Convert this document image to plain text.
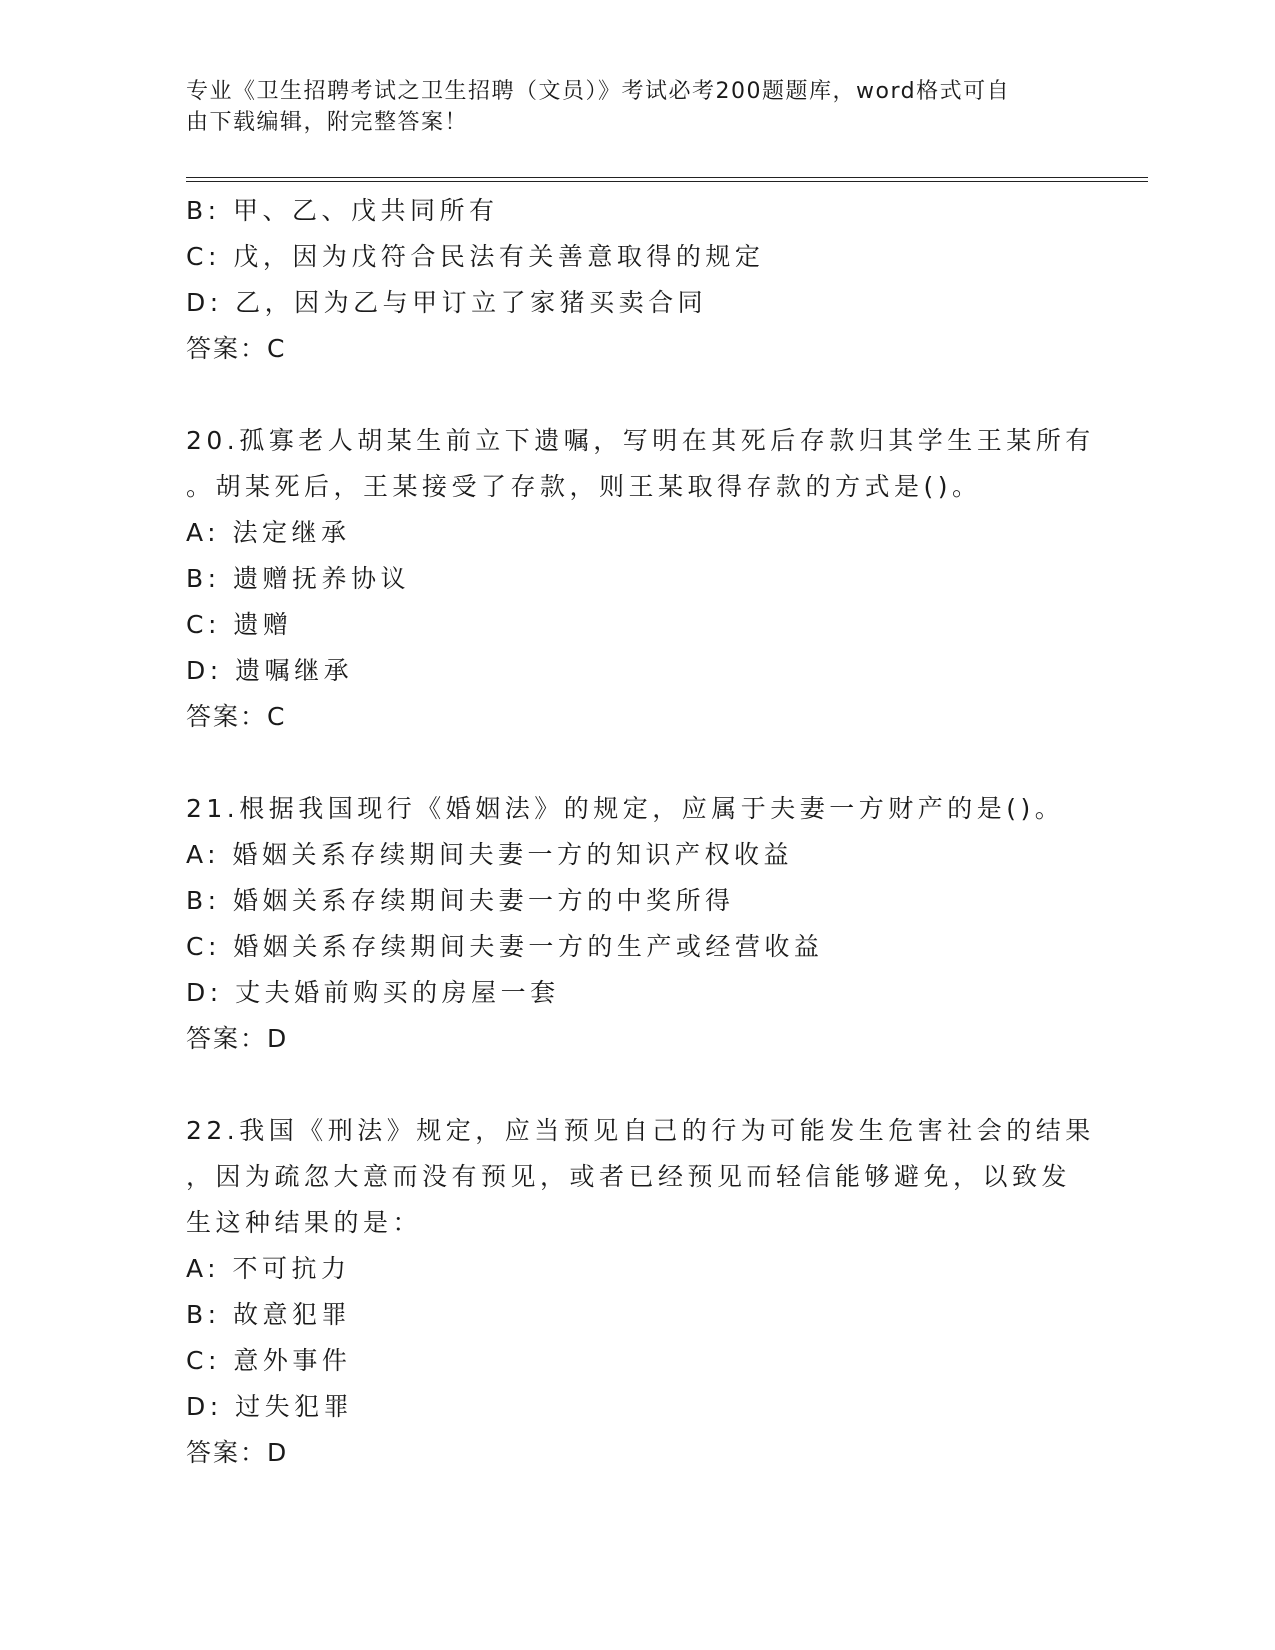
专业《卫生招聘考试之卫生招聘（文员）》考试必考200题题库，word格式可自
由下载编辑，附完整答案！
B: 甲、乙、戊共同所有
C: 戊，因为戊符合民法有关善意取得的规定
D: 乙，因为乙与甲订立了家猪买卖合同
答案：C
20.孤寡老人胡某生前立下遗嘱，写明在其死后存款归其学生王某所有
。胡某死后，王某接受了存款，则王某取得存款的方式是()。
A: 法定继承
B: 遗赠抚养协议
C: 遗赠
D: 遗嘱继承
答案：C
21.根据我国现行《婚姻法》的规定，应属于夫妻一方财产的是()。
A: 婚姻关系存续期间夫妻一方的知识产权收益
B: 婚姻关系存续期间夫妻一方的中奖所得
C: 婚姻关系存续期间夫妻一方的生产或经营收益
D: 丈夫婚前购买的房屋一套
答案：D
22.我国《刑法》规定，应当预见自己的行为可能发生危害社会的结果
，因为疏忽大意而没有预见，或者已经预见而轻信能够避免，以致发
生这种结果的是：
A: 不可抗力
B: 故意犯罪
C: 意外事件
D: 过失犯罪
答案：D
